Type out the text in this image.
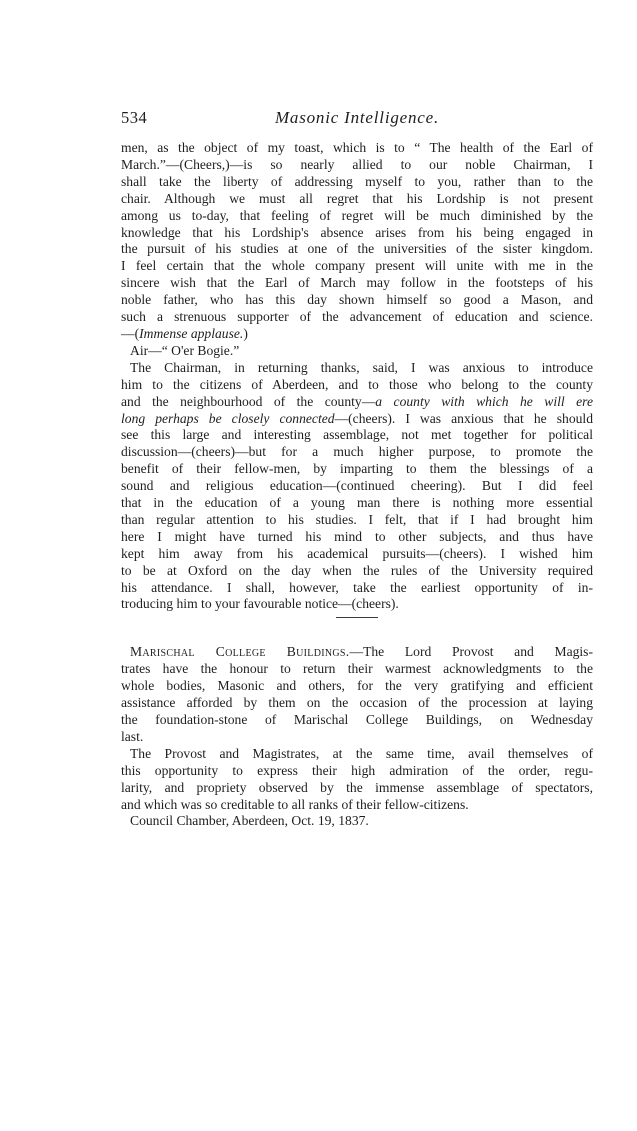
534	Masonic Intelligence.
men, as the object of my toast, which is to “ The health of the Earl of
March.”—(Cheers,)—is so nearly allied to our noble Chairman, I
shall take the liberty of addressing myself to you, rather than to the
chair. Although we must all regret that his Lordship is not present
among us to-day, that feeling of regret will be much diminished by the
knowledge that his Lordship's absence arises from his being engaged in
the pursuit of his studies at one of the universities of the sister kingdom.
I feel certain that the whole company present will unite with me in the
sincere wish that the Earl of March may follow in the footsteps of his
noble father, who has this day shown himself so good a Mason, and
such a strenuous supporter of the advancement of education and science.
—(Immense applause.)
Air—“ O'er Bogie.”
The Chairman, in returning thanks, said, I was anxious to introduce
him to the citizens of Aberdeen, and to those who belong to the county
and the neighbourhood of the county—a county with which he will ere
long perhaps be closely connected—(cheers). I was anxious that he should
see this large and interesting assemblage, not met together for political
discussion—(cheers)—but for a much higher purpose, to promote the
benefit of their fellow-men, by imparting to them the blessings of a
sound and religious education—(continued cheering). But I did feel
that in the education of a young man there is nothing more essential
than regular attention to his studies. I felt, that if I had brought him
here I might have turned his mind to other subjects, and thus have
kept him away from his academical pursuits—(cheers). I wished him
to be at Oxford on the day when the rules of the University required
his attendance. I shall, however, take the earliest opportunity of in-
troducing him to your favourable notice—(cheers).
Marischal College Buildings.—The Lord Provost and Magis-
trates have the honour to return their warmest acknowledgments to the
whole bodies, Masonic and others, for the very gratifying and efficient
assistance afforded by them on the occasion of the procession at laying
the foundation-stone of Marischal College Buildings, on Wednesday
last.
The Provost and Magistrates, at the same time, avail themselves of
this opportunity to express their high admiration of the order, regu-
larity, and propriety observed by the immense assemblage of spectators,
and which was so creditable to all ranks of their fellow-citizens.
Council Chamber, Aberdeen, Oct. 19, 1837.
